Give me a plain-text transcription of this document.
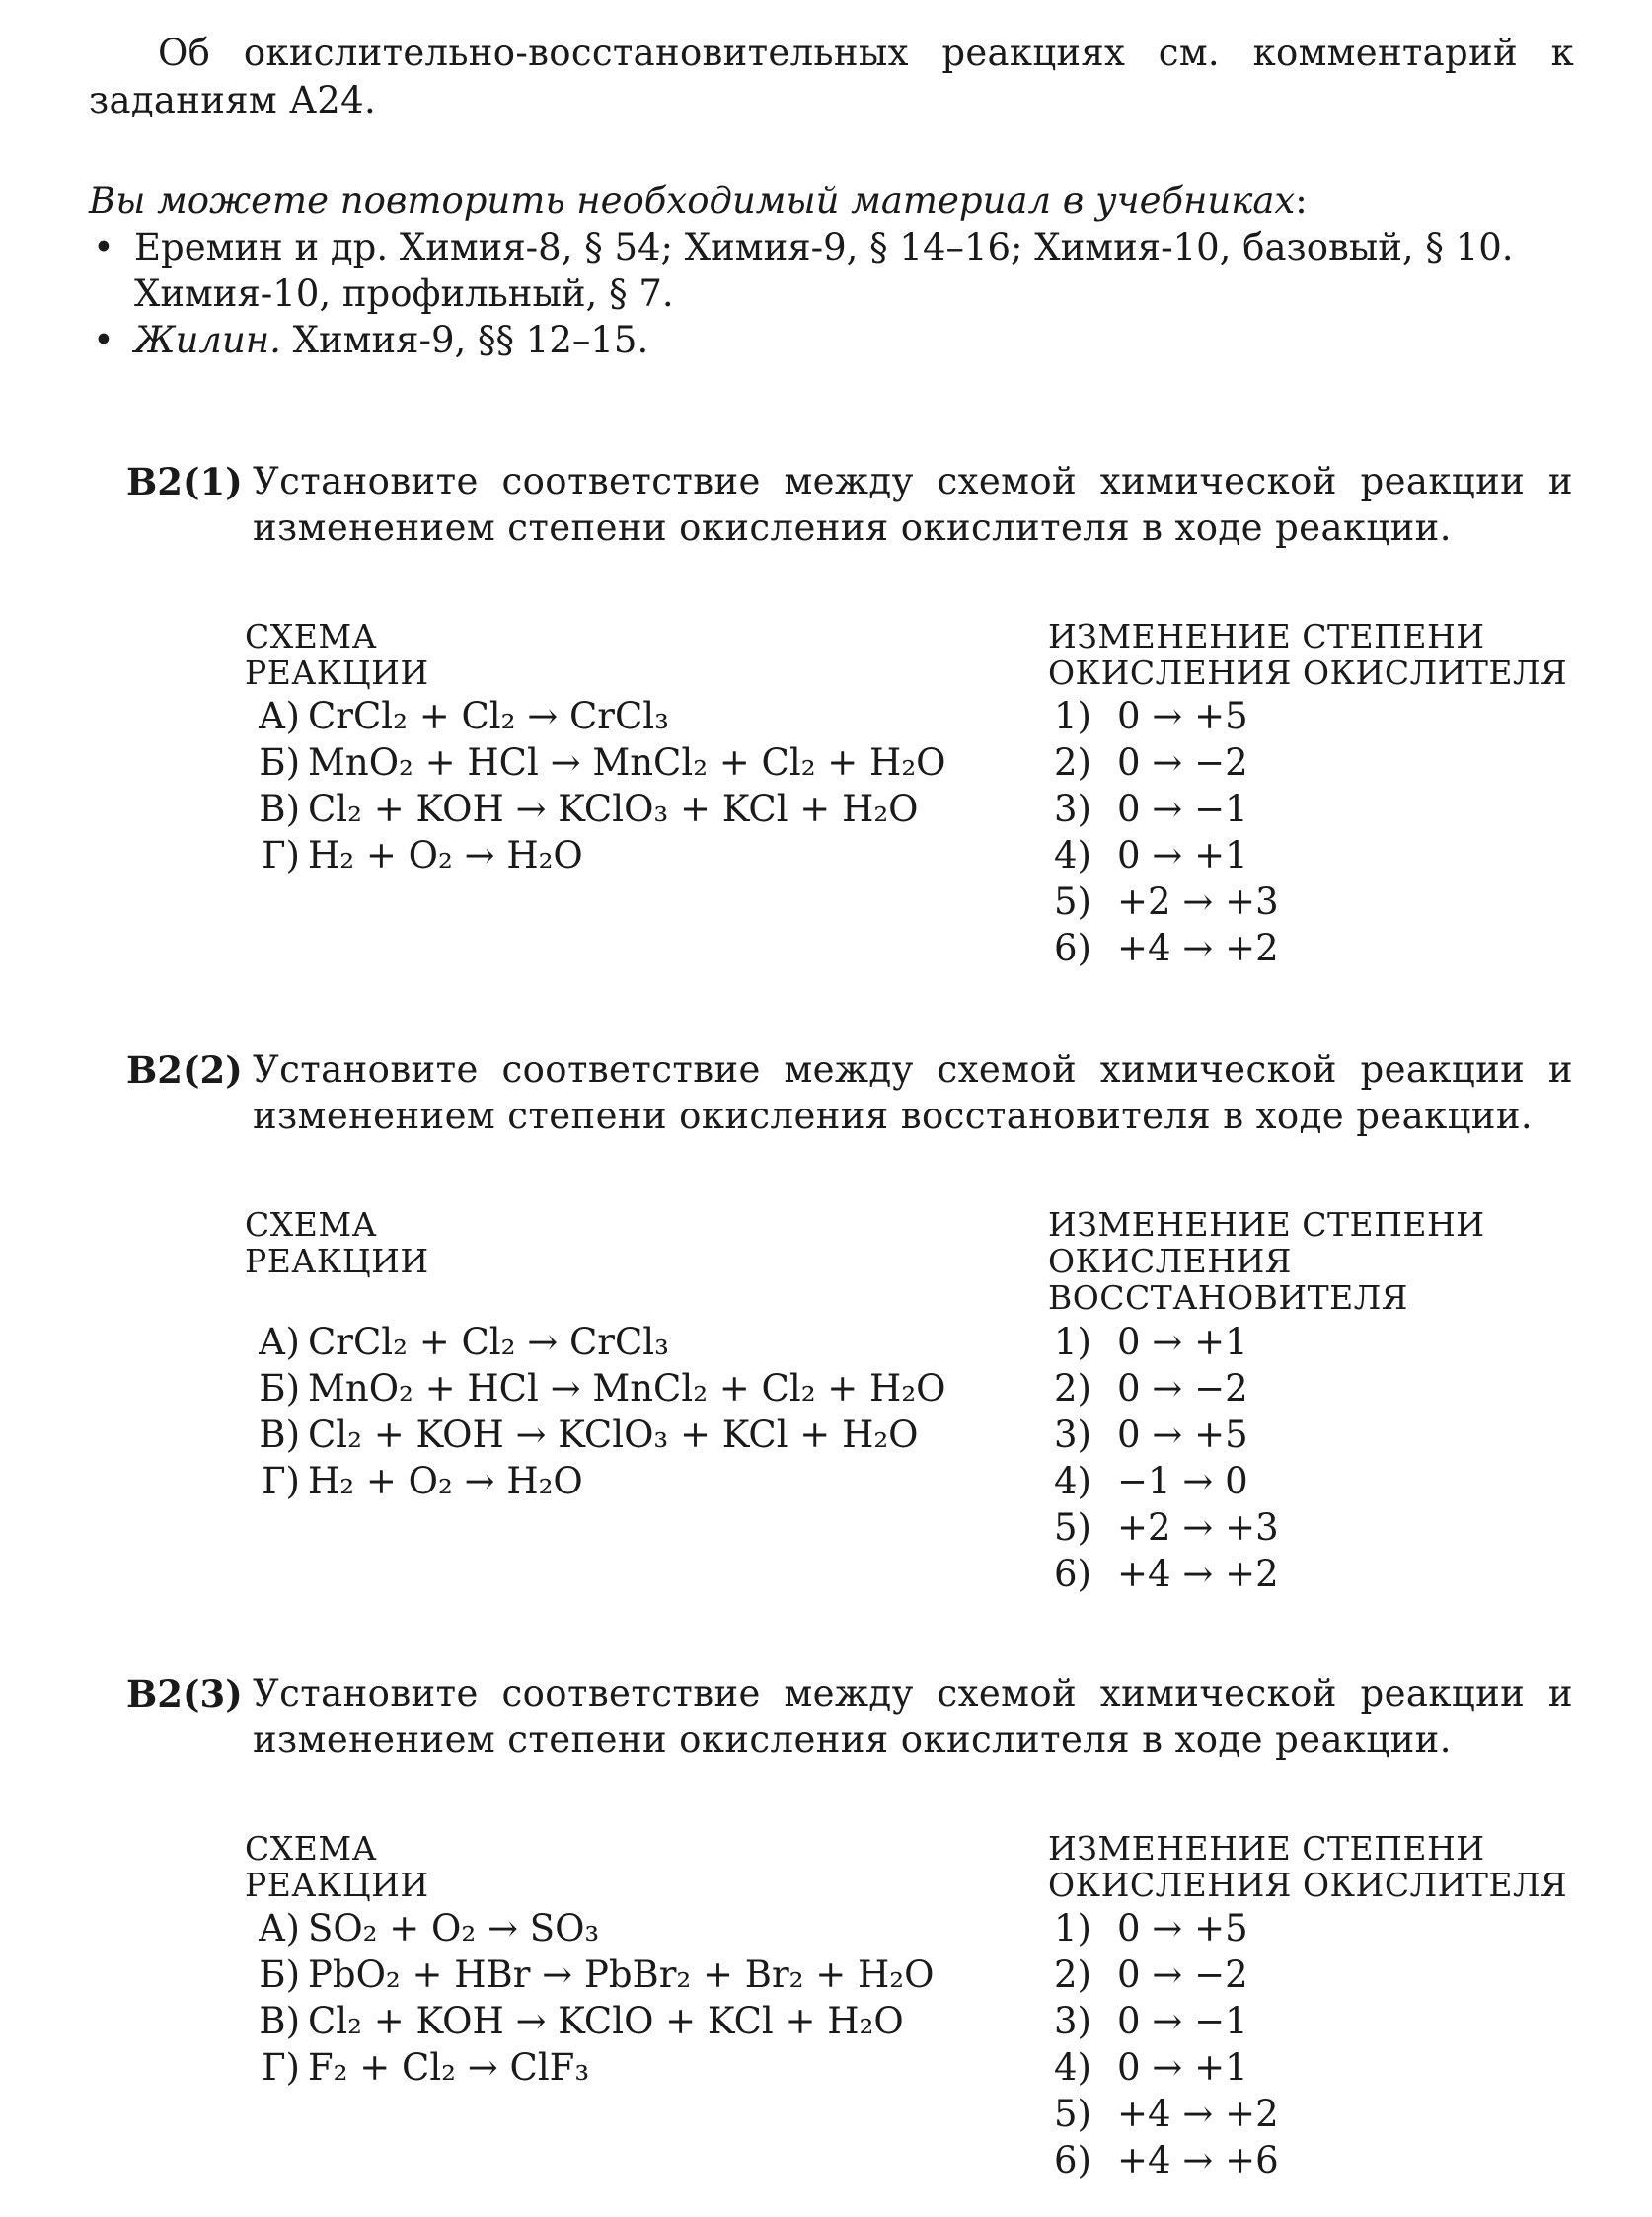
Об окислительно-восстановительных реакциях см. комментарий к заданиям А24.
Вы можете повторить необходимый материал в учебниках:
• Еремин и др. Химия-8, § 54; Химия-9, § 14–16; Химия-10, базовый, § 10. Химия-10, профильный, § 7.
• Жилин. Химия-9, §§ 12–15.
В2(1) Установите соответствие между схемой химической реакции и изменением степени окисления окислителя в ходе реакции.
СХЕМА
РЕАКЦИИ
ИЗМЕНЕНИЕ СТЕПЕНИ
ОКИСЛЕНИЯ ОКИСЛИТЕЛЯ
А) CrCl₂ + Cl₂ → CrCl₃
Б) MnO₂ + HCl → MnCl₂ + Cl₂ + H₂O
В) Cl₂ + KOH → KClO₃ + KCl + H₂O
Г) H₂ + O₂ → H₂O
1) 0 → +5
2) 0 → −2
3) 0 → −1
4) 0 → +1
5) +2 → +3
6) +4 → +2
В2(2) Установите соответствие между схемой химической реакции и изменением степени окисления восстановителя в ходе реакции.
СХЕМА
РЕАКЦИИ
ИЗМЕНЕНИЕ СТЕПЕНИ
ОКИСЛЕНИЯ
ВОССТАНОВИТЕЛЯ
А) CrCl₂ + Cl₂ → CrCl₃
Б) MnO₂ + HCl → MnCl₂ + Cl₂ + H₂O
В) Cl₂ + KOH → KClO₃ + KCl + H₂O
Г) H₂ + O₂ → H₂O
1) 0 → +1
2) 0 → −2
3) 0 → +5
4) −1 → 0
5) +2 → +3
6) +4 → +2
В2(3) Установите соответствие между схемой химической реакции и изменением степени окисления окислителя в ходе реакции.
СХЕМА
РЕАКЦИИ
ИЗМЕНЕНИЕ СТЕПЕНИ
ОКИСЛЕНИЯ ОКИСЛИТЕЛЯ
А) SO₂ + O₂ → SO₃
Б) PbO₂ + HBr → PbBr₂ + Br₂ + H₂O
В) Cl₂ + KOH → KClO + KCl + H₂O
Г) F₂ + Cl₂ → ClF₃
1) 0 → +5
2) 0 → −2
3) 0 → −1
4) 0 → +1
5) +4 → +2
6) +4 → +6
